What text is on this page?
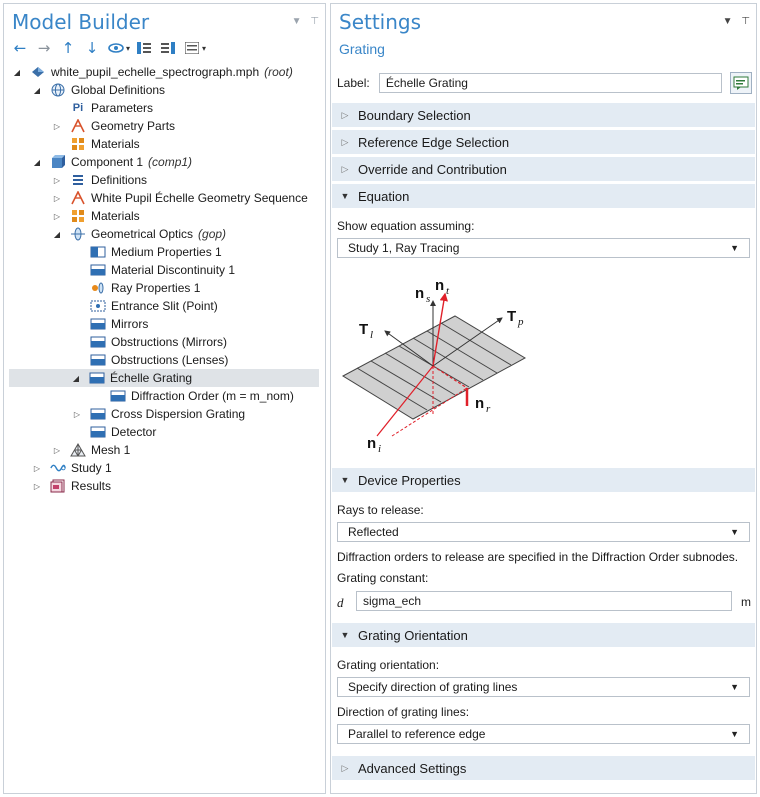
Model Builder	▼ ⊤
← → ↑ ↓	▾	▾
◢	white_pupil_echelle_spectrograph.mph (root)
◢	Global Definitions
Pi Parameters
▷	Geometry Parts
Materials
◢	Component 1 (comp1)
▷	Definitions
▷	White Pupil Échelle Geometry Sequence
▷	Materials
◢	Geometrical Optics (gop)
Medium Properties 1
Material Discontinuity 1
Ray Properties 1
Entrance Slit (Point)
Mirrors
Obstructions (Mirrors)
Obstructions (Lenses)
◢	Échelle Grating
Diffraction Order (m = m_nom)
▷	Cross Dispersion Grating
Detector
▷	Mesh 1
▷	Study 1
▷	Results
Settings	▼ ⊤
Grating
Label:	Échelle Grating
▷ Boundary Selection
▷ Reference Edge Selection
▷ Override and Contribution
▼ Equation
Show equation assuming:
Study 1, Ray Tracing	▼
n s
n t
T l
T p
n r
n i
▼ Device Properties
Rays to release:
Reflected	▼
Diffraction orders to release are specified in the Diffraction Order subnodes.
Grating constant:
d	sigma_ech	m
▼ Grating Orientation
Grating orientation:
Specify direction of grating lines	▼
Direction of grating lines:
Parallel to reference edge	▼
▷ Advanced Settings
